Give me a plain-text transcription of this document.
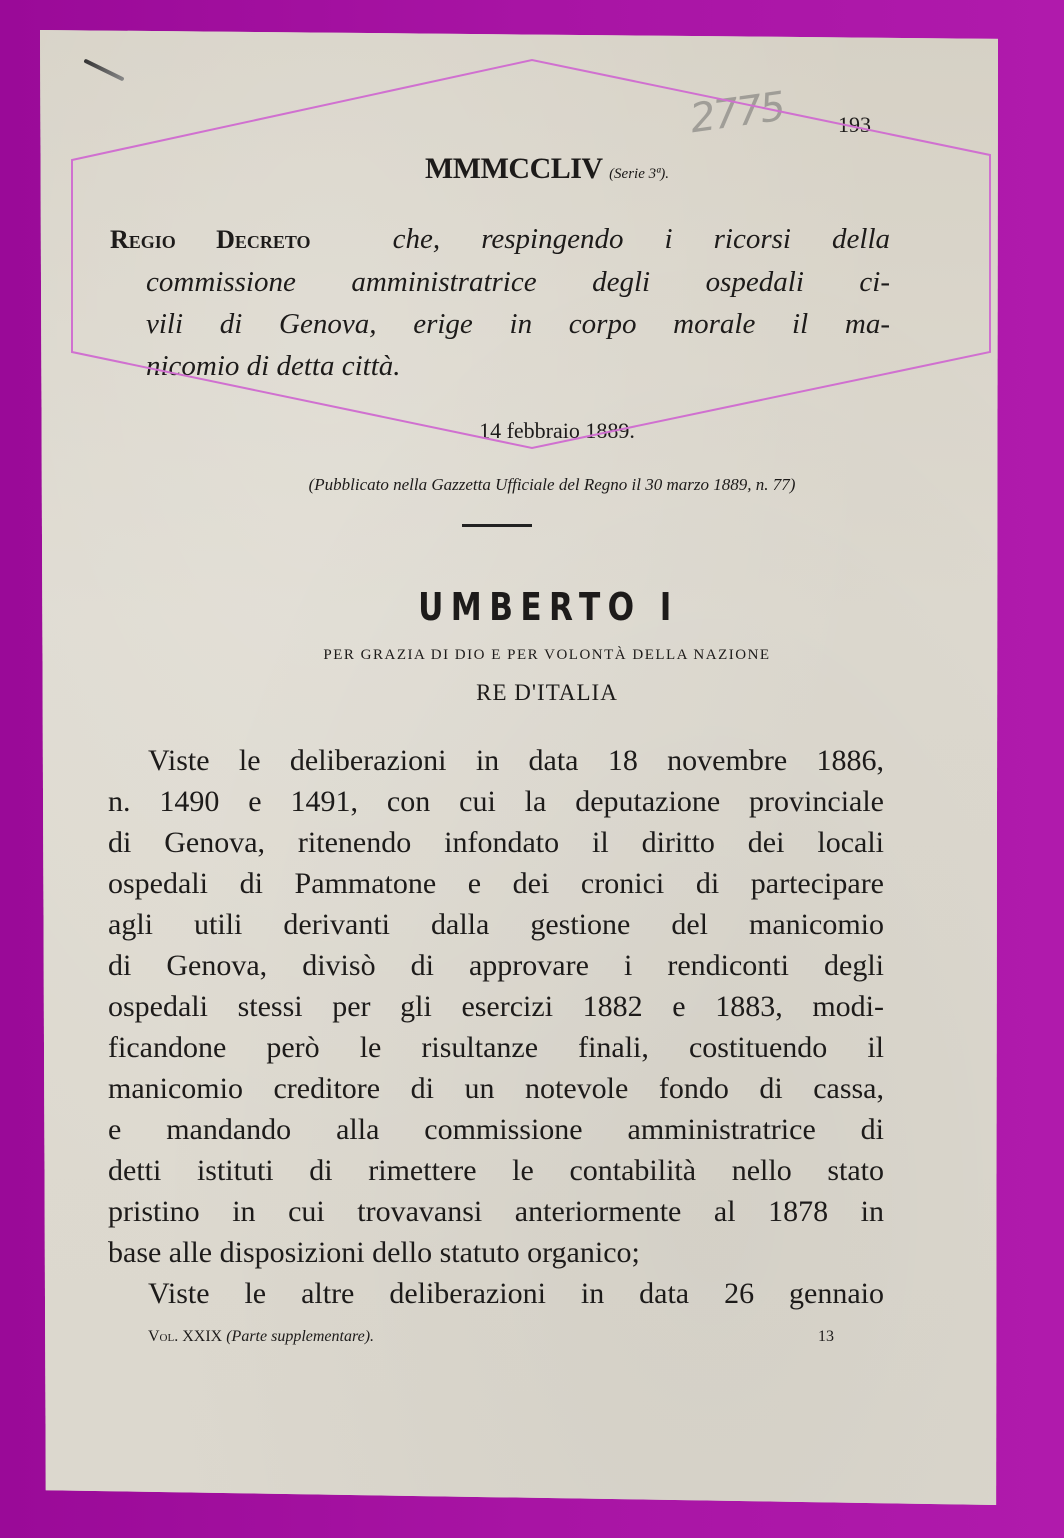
2775 193
MMMCCLIV (Serie 3ª).
Regio Decreto	che, respingendo i ricorsi della
commissione amministratrice degli ospedali ci-
vili di Genova, erige in corpo morale il ma-
nicomio di detta città.
14 febbraio 1889.
(Pubblicato nella Gazzetta Ufficiale del Regno il 30 marzo 1889, n. 77)
UMBERTO I
PER GRAZIA DI DIO E PER VOLONTÀ DELLA NAZIONE
RE D'ITALIA
Viste le deliberazioni in data 18 novembre 1886,
n. 1490 e 1491, con cui la deputazione provinciale
di Genova, ritenendo infondato il diritto dei locali
ospedali di Pammatone e dei cronici di partecipare
agli utili derivanti dalla gestione del manicomio
di Genova, divisò di approvare i rendiconti degli
ospedali stessi per gli esercizi 1882 e 1883, modi-
ficandone però le risultanze finali, costituendo il
manicomio creditore di un notevole fondo di cassa,
e mandando alla commissione amministratrice di
detti istituti di rimettere le contabilità nello stato
pristino in cui trovavansi anteriormente al 1878 in
base alle disposizioni dello statuto organico;
Viste le altre deliberazioni in data 26 gennaio
Vol. XXIX (Parte supplementare).	13
